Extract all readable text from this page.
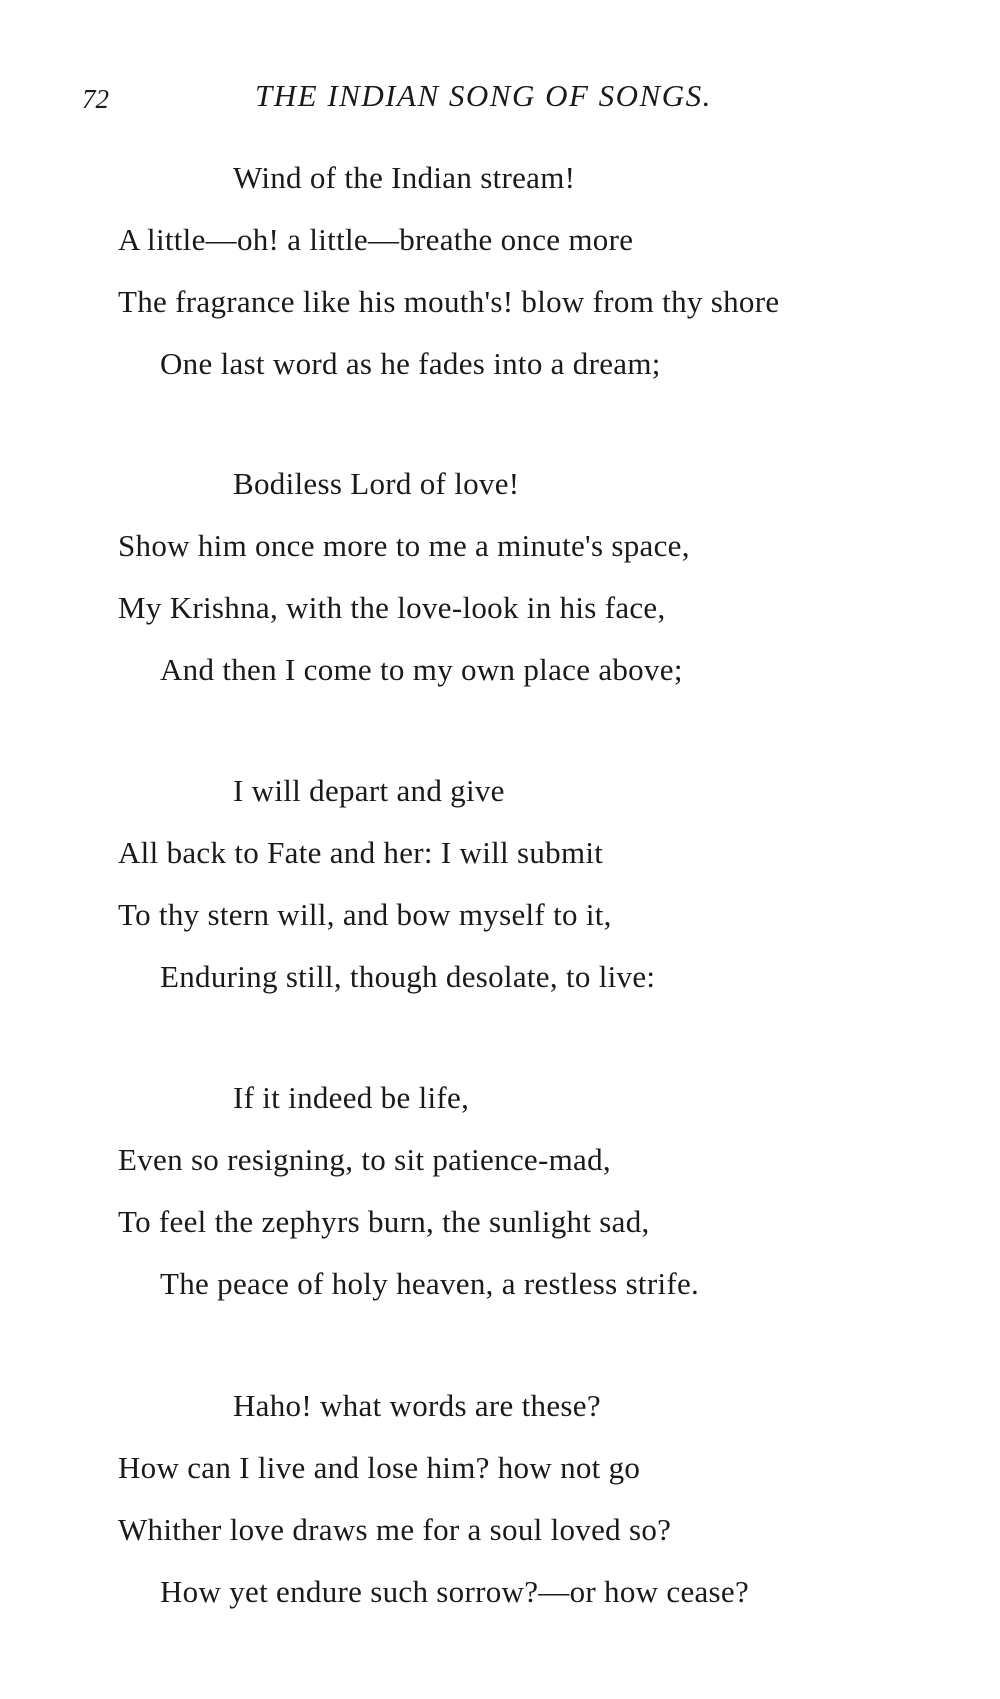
72	THE INDIAN SONG OF SONGS.
Wind of the Indian stream!
A little—oh! a little—breathe once more
The fragrance like his mouth's! blow from thy shore
One last word as he fades into a dream;
Bodiless Lord of love!
Show him once more to me a minute's space,
My Krishna, with the love-look in his face,
And then I come to my own place above;
I will depart and give
All back to Fate and her: I will submit
To thy stern will, and bow myself to it,
Enduring still, though desolate, to live:
If it indeed be life,
Even so resigning, to sit patience-mad,
To feel the zephyrs burn, the sunlight sad,
The peace of holy heaven, a restless strife.
Haho! what words are these?
How can I live and lose him? how not go
Whither love draws me for a soul loved so?
How yet endure such sorrow?—or how cease?
